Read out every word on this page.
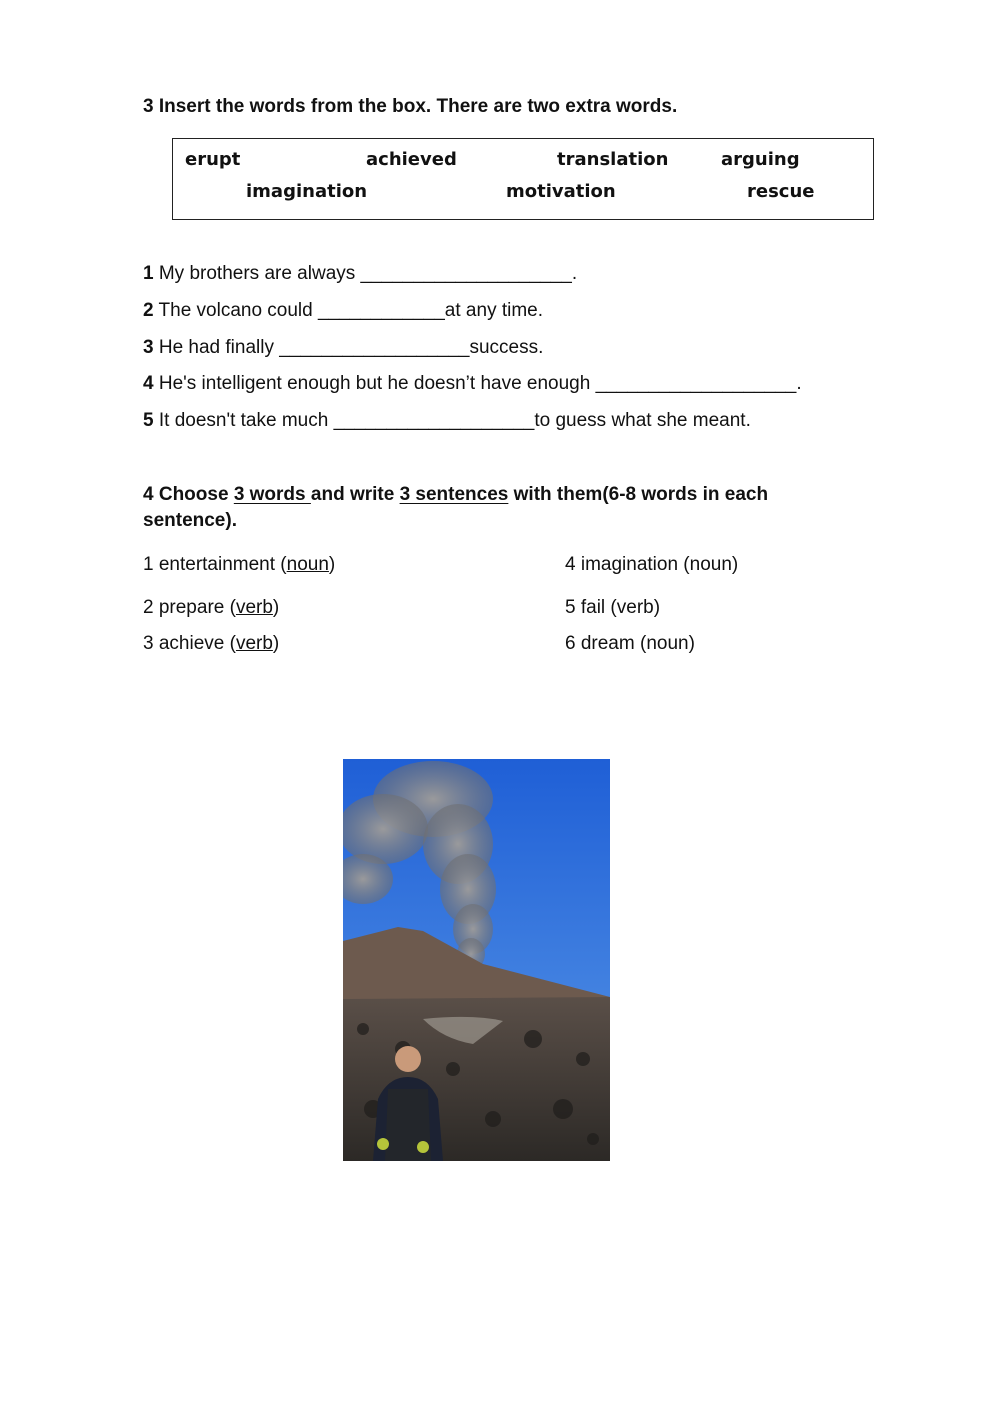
3 Insert the words from the box. There are two extra words.
erupt	achieved	translation	arguing
imagination	motivation	rescue
1 My brothers are always ____________________.
2 The volcano could ____________at any time.
3 He had finally __________________success.
4 He's intelligent enough but he doesn’t have enough ___________________.
5 It doesn't take much ___________________to guess what she meant.
4 Choose 3 words and write 3 sentences with them(6-8 words in each
sentence).
1 entertainment (noun)
2 prepare (verb)
3 achieve (verb)
4 imagination (noun)
5 fail (verb)
6 dream (noun)
